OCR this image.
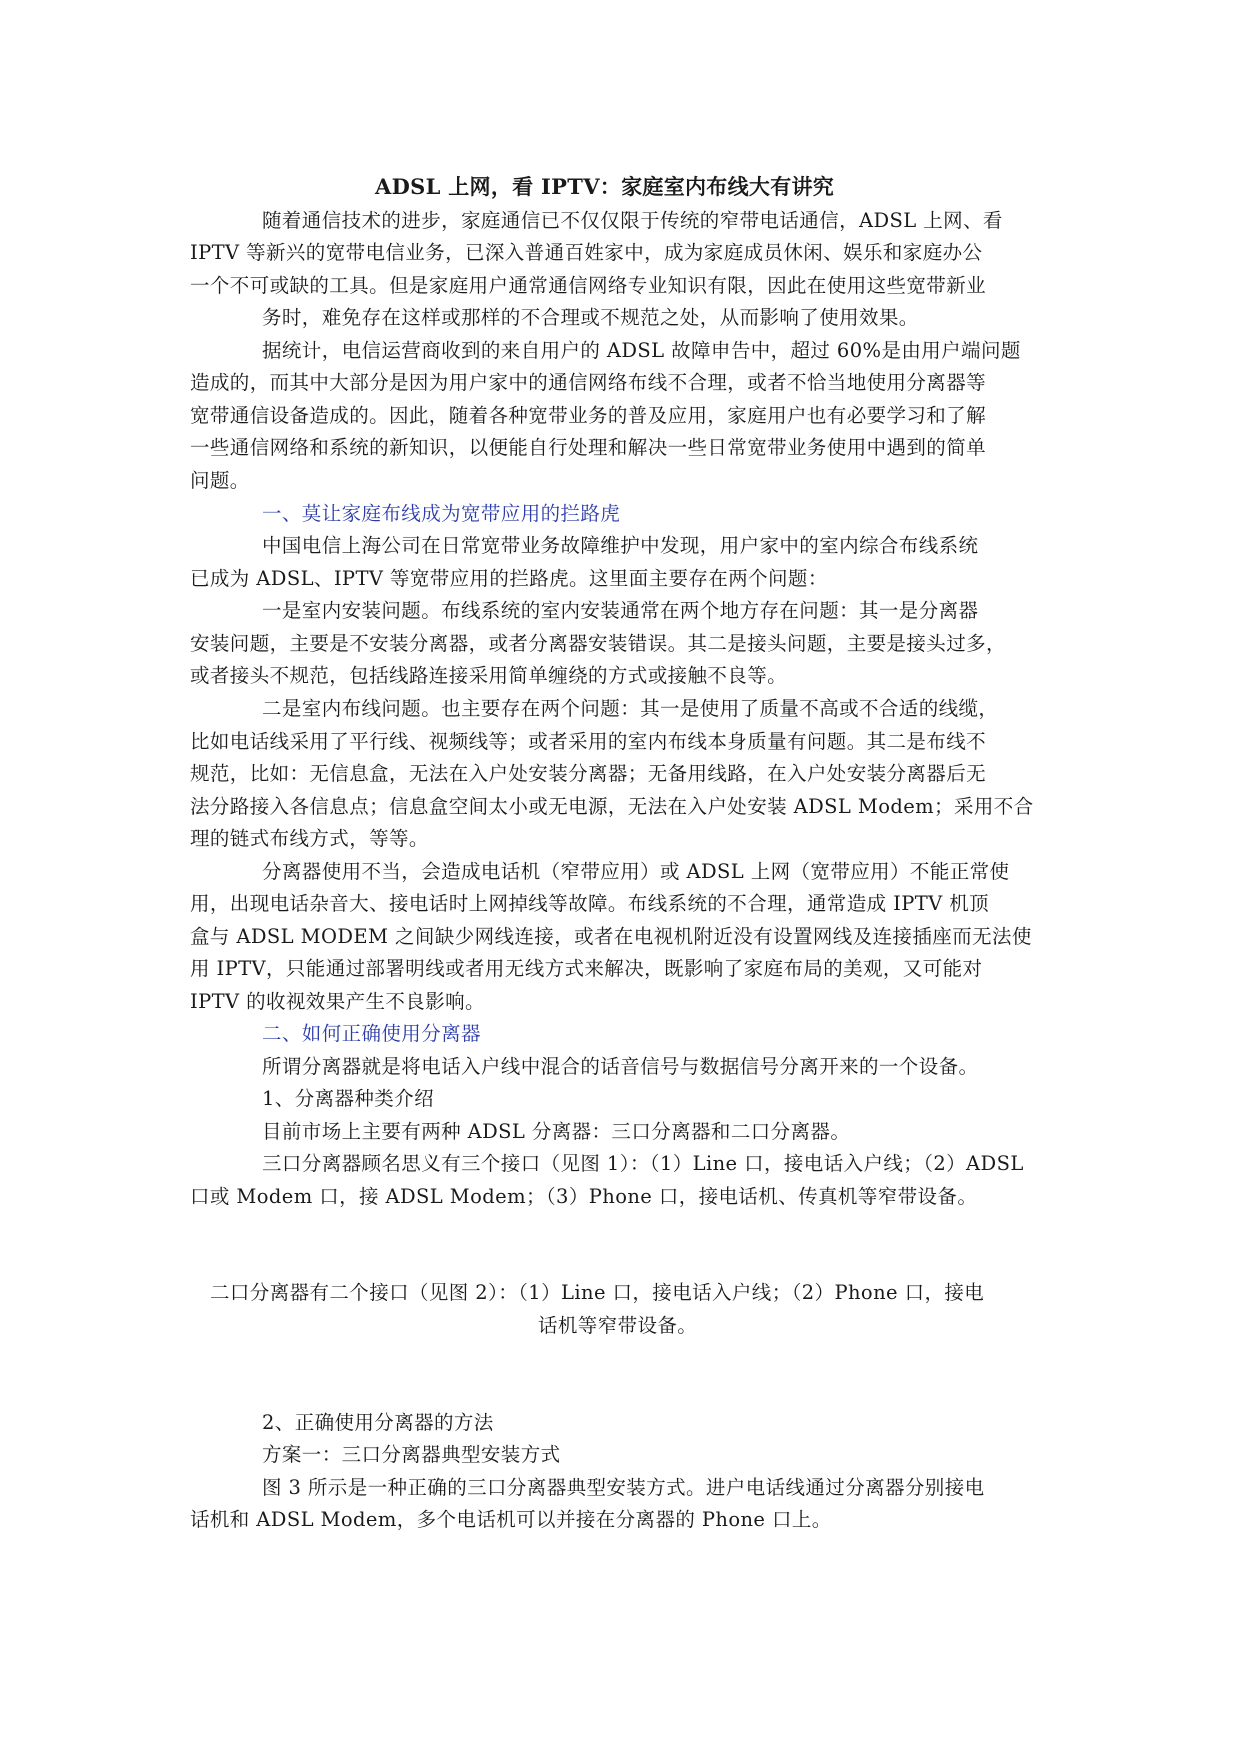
ADSL 上网，看 IPTV：家庭室内布线大有讲究

随着通信技术的进步，家庭通信已不仅仅限于传统的窄带电话通信，ADSL 上网、看

IPTV 等新兴的宽带电信业务，已深入普通百姓家中，成为家庭成员休闲、娱乐和家庭办公

一个不可或缺的工具。但是家庭用户通常通信网络专业知识有限，因此在使用这些宽带新业

务时，难免存在这样或那样的不合理或不规范之处，从而影响了使用效果。

据统计，电信运营商收到的来自用户的 ADSL 故障申告中，超过 60%是由用户端问题

造成的，而其中大部分是因为用户家中的通信网络布线不合理，或者不恰当地使用分离器等

宽带通信设备造成的。因此，随着各种宽带业务的普及应用，家庭用户也有必要学习和了解

一些通信网络和系统的新知识，以便能自行处理和解决一些日常宽带业务使用中遇到的简单

问题。

一、莫让家庭布线成为宽带应用的拦路虎

中国电信上海公司在日常宽带业务故障维护中发现，用户家中的室内综合布线系统

已成为 ADSL、IPTV 等宽带应用的拦路虎。这里面主要存在两个问题：

一是室内安装问题。布线系统的室内安装通常在两个地方存在问题：其一是分离器

安装问题，主要是不安装分离器，或者分离器安装错误。其二是接头问题，主要是接头过多，

或者接头不规范，包括线路连接采用简单缠绕的方式或接触不良等。

二是室内布线问题。也主要存在两个问题：其一是使用了质量不高或不合适的线缆，

比如电话线采用了平行线、视频线等；或者采用的室内布线本身质量有问题。其二是布线不

规范，比如：无信息盒，无法在入户处安装分离器；无备用线路，在入户处安装分离器后无

法分路接入各信息点；信息盒空间太小或无电源，无法在入户处安装 ADSL Modem；采用不合

理的链式布线方式，等等。

分离器使用不当，会造成电话机（窄带应用）或 ADSL 上网（宽带应用）不能正常使

用，出现电话杂音大、接电话时上网掉线等故障。布线系统的不合理，通常造成 IPTV 机顶

盒与 ADSL MODEM 之间缺少网线连接，或者在电视机附近没有设置网线及连接插座而无法使

用 IPTV，只能通过部署明线或者用无线方式来解决，既影响了家庭布局的美观，又可能对

IPTV 的收视效果产生不良影响。

二、如何正确使用分离器

所谓分离器就是将电话入户线中混合的话音信号与数据信号分离开来的一个设备。

1、分离器种类介绍

目前市场上主要有两种 ADSL 分离器：三口分离器和二口分离器。

三口分离器顾名思义有三个接口（见图 1）：（1）Line 口，接电话入户线；（2）ADSL

口或 Modem 口，接 ADSL Modem；（3）Phone 口，接电话机、传真机等窄带设备。

二口分离器有二个接口（见图 2）：（1）Line 口，接电话入户线；（2）Phone 口，接电

话机等窄带设备。

2、正确使用分离器的方法

方案一：三口分离器典型安装方式

图 3 所示是一种正确的三口分离器典型安装方式。进户电话线通过分离器分别接电

话机和 ADSL Modem，多个电话机可以并接在分离器的 Phone 口上。
